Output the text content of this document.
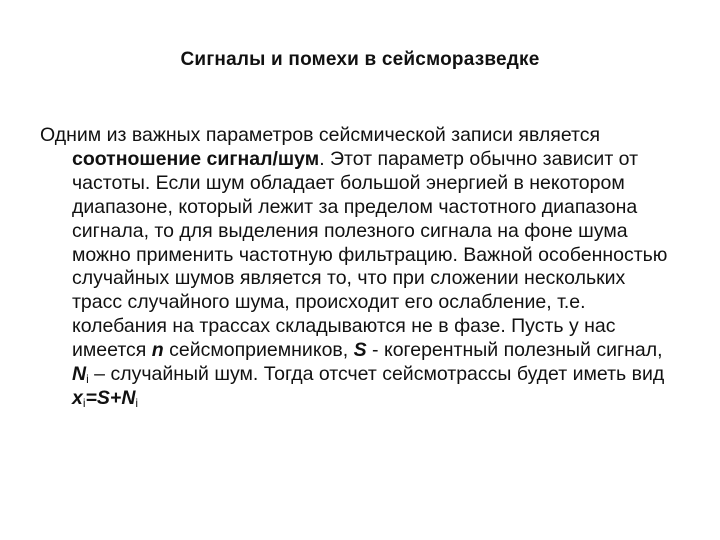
Сигналы и помехи в сейсморазведке
Одним из важных параметров сейсмической записи является соотношение сигнал/шум. Этот параметр обычно зависит от частоты. Если шум обладает большой энергией в некотором диапазоне, который лежит за пределом частотного диапазона сигнала, то для выделения полезного сигнала на фоне шума можно применить частотную фильтрацию. Важной особенностью случайных шумов является то, что при сложении нескольких трасс случайного шума, происходит его ослабление, т.е. колебания на трассах складываются не в фазе. Пусть у нас имеется n сейсмоприемников, S - когерентный полезный сигнал, $N_i$ – случайный шум. Тогда отсчет сейсмотрассы будет иметь вид $x_i=S+N_i$
